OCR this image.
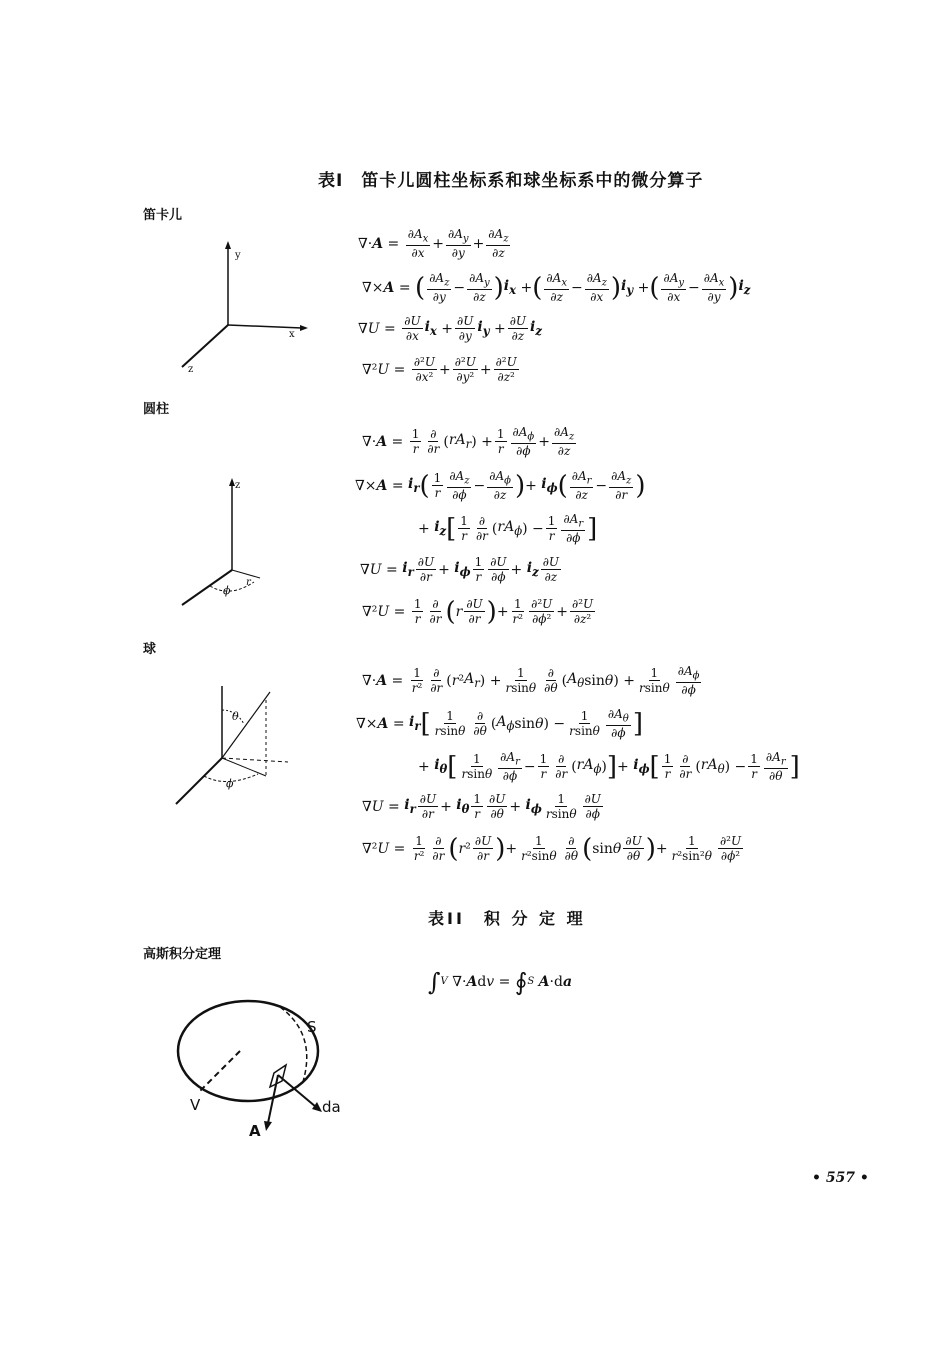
表I　笛卡儿圆柱坐标系和球坐标系中的微分算子
笛卡儿
y
x
z
∇· $A = \frac{\partial A_x}{\partial x} + \frac{\partial A_y}{\partial y} + \frac{\partial A_z}{\partial z}$
∇× A = ( $\frac{\partial A_z}{\partial y} - \frac{\partial A_y}{\partial z}$ ) $i_x$ + ( $\frac{\partial A_x}{\partial z} - \frac{\partial A_z}{\partial x}$ ) $i_y$ + ( $\frac{\partial A_y}{\partial x} - \frac{\partial A_x}{\partial y}$ ) $i_z$
∇ $U = \frac{\partial U}{\partial x} i_x + \frac{\partial U}{\partial y} i_y + \frac{\partial U}{\partial z} i_z$
∇² $U = \frac{\text{∂²U}}{\text{∂x²}} + \frac{\text{∂²U}}{\text{∂y²}} + \frac{\text{∂²U}}{\text{∂z²}}$
圆柱
z
ϕ
r
∇· $A = \frac{1}{r} \frac{\partial}{\partial r}$ ( $rA_r$ ) + $\frac{1}{r} \frac{\partial A_\phi}{\partial\phi} + \frac{\partial A_z}{\partial z}$
∇× $A = i_r$ ( $\frac{1}{r} \frac{\partial A_z}{\partial\phi} - \frac{\partial A_\phi}{\partial z}$ ) + $i_\phi$ ( $\frac{\partial A_r}{\partial z} - \frac{\partial A_z}{\partial r}$ )
+ $i_z$ [ $\frac{1}{r} \frac{\partial}{\partial r}$ ( $rA_\phi$ ) − $\frac{1}{r} \frac{\partial A_r}{\partial\phi}$ ]
∇ $U = i_r \frac{\partial U}{\partial r} + i_\phi \frac{1}{r} \frac{\partial U}{\partial\phi} + i_z \frac{\partial U}{\partial z}$
∇² $U = \frac{1}{r} \frac{\partial}{\partial r}$ ( r $\frac{\partial U}{\partial r}$ ) + $\frac{1}{\text{r²}} \frac{\text{∂²U}}{\text{∂ϕ²}} + \frac{\text{∂²U}}{\text{∂z²}}$
球
θ
ϕ
∇· $A = \frac{1}{\text{r²}} \frac{\partial}{\partial r}$ ( r ² $A_r$ ) + $\frac{1}{rsin\theta} \frac{\partial}{\partial\theta}$ ( $A_\theta$ sin θ ) + $\frac{1}{rsin\theta} \frac{\partial A_\phi}{\partial\phi}$
∇× $A = i_r$ [ $\frac{1}{rsin\theta} \frac{\partial}{\partial\theta}$ ( $A_\phi$ sin θ ) − $\frac{1}{rsin\theta} \frac{\partial A_\theta}{\partial\phi}$ ]
+ $i_\theta$ [ $\frac{1}{rsin\theta} \frac{\partial A_r}{\partial\phi} - \frac{1}{r} \frac{\partial}{\partial r}$ ( $rA_\phi$ ) ] + $i_\phi$ [ $\frac{1}{r} \frac{\partial}{\partial r}$ ( $rA_\theta$ ) − $\frac{1}{r} \frac{\partial A_r}{\partial\theta}$ ]
∇ $U = i_r \frac{\partial U}{\partial r} + i_\theta \frac{1}{r} \frac{\partial U}{\partial\theta} + i_\phi \frac{1}{rsin\theta} \frac{\partial U}{\partial\phi}$
∇² $U = \frac{1}{\text{r²}} \frac{\partial}{\partial r}$ ( r $^2 \frac{\partial U}{\partial r}$ ) + $\frac{1}{\text{r²sinθ}} \frac{\partial}{\partial\theta}$ ( sin θ $\frac{\partial U}{\partial\theta}$ ) + $\frac{1}{\text{r²sin²θ}} \frac{\text{∂²U}}{\text{∂ϕ²}}$
表II　积 分 定 理
高斯积分定理
∫ V ∇· A d v = ∮ S
A ·d a
S
V
A
da
• 557 •
